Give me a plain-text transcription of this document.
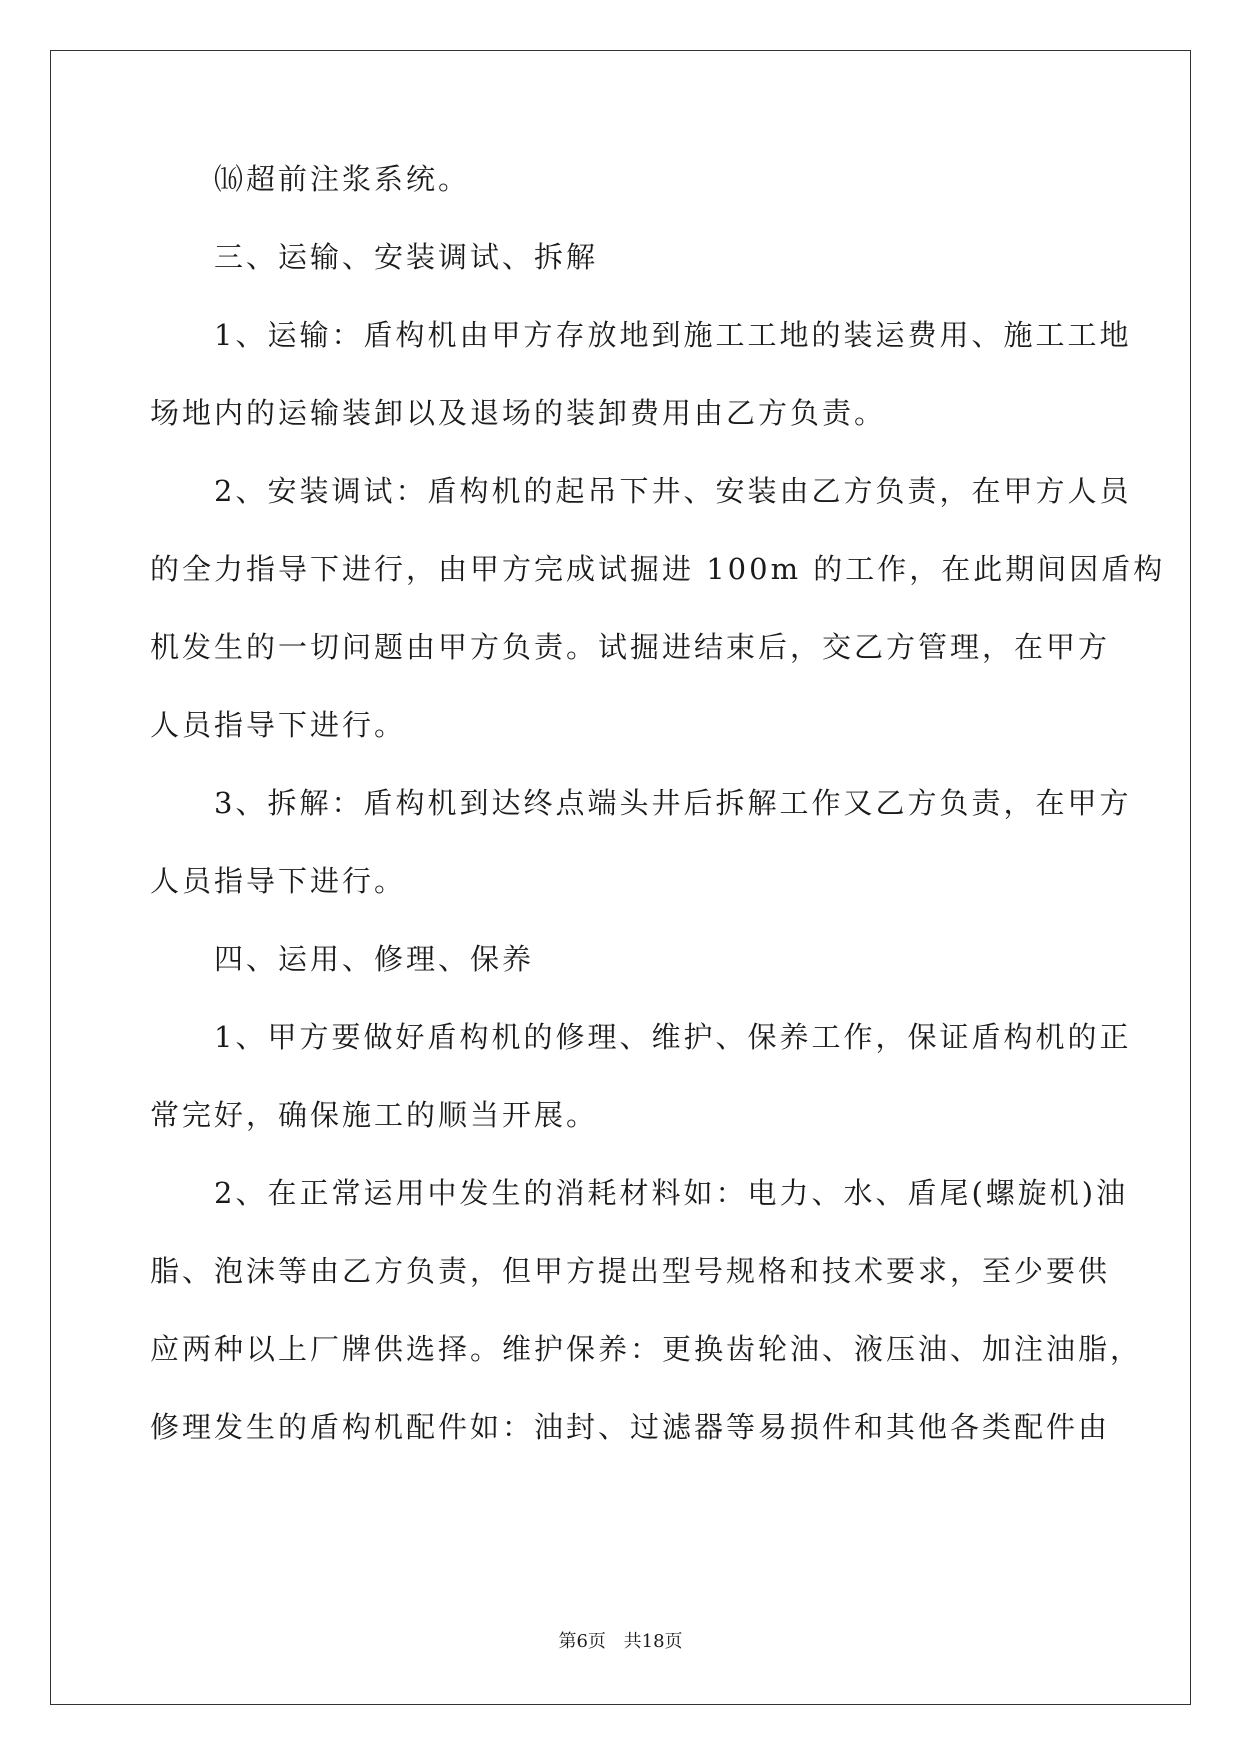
⒃超前注浆系统。

三、运输、安装调试、拆解

1、运输：盾构机由甲方存放地到施工工地的装运费用、施工工地

场地内的运输装卸以及退场的装卸费用由乙方负责。

2、安装调试：盾构机的起吊下井、安装由乙方负责，在甲方人员

的全力指导下进行，由甲方完成试掘进 100m 的工作，在此期间因盾构

机发生的一切问题由甲方负责。试掘进结束后，交乙方管理，在甲方

人员指导下进行。

3、拆解：盾构机到达终点端头井后拆解工作又乙方负责，在甲方

人员指导下进行。

四、运用、修理、保养

1、甲方要做好盾构机的修理、维护、保养工作，保证盾构机的正

常完好，确保施工的顺当开展。

2、在正常运用中发生的消耗材料如：电力、水、盾尾(螺旋机)油

脂、泡沫等由乙方负责，但甲方提出型号规格和技术要求，至少要供

应两种以上厂牌供选择。维护保养：更换齿轮油、液压油、加注油脂，

修理发生的盾构机配件如：油封、过滤器等易损件和其他各类配件由

第6页 共18页
